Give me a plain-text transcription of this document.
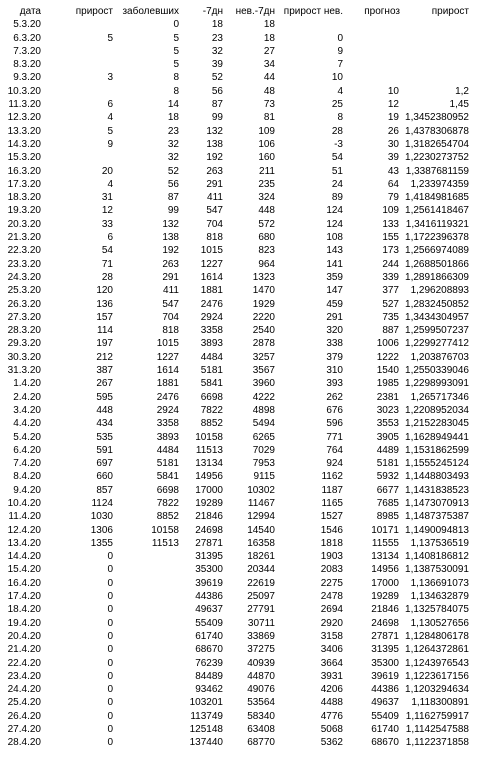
дата	прирост	заболевших	-7дн	нев.-7дн	прирост нев.	прогноз	прирост
5.3.20		0	18	18			
6.3.20	5	5	23	18	0		
7.3.20		5	32	27	9		
8.3.20		5	39	34	7		
9.3.20	3	8	52	44	10		
10.3.20		8	56	48	4	10	1,2
11.3.20	6	14	87	73	25	12	1,45
12.3.20	4	18	99	81	8	19	1,3452380952
13.3.20	5	23	132	109	28	26	1,4378306878
14.3.20	9	32	138	106	-3	30	1,3182654704
15.3.20		32	192	160	54	39	1,2230273752
16.3.20	20	52	263	211	51	43	1,3387681159
17.3.20	4	56	291	235	24	64	1,233974359
18.3.20	31	87	411	324	89	79	1,4184981685
19.3.20	12	99	547	448	124	109	1,2561418467
20.3.20	33	132	704	572	124	133	1,3416119321
21.3.20	6	138	818	680	108	155	1,1722396378
22.3.20	54	192	1015	823	143	173	1,2566974089
23.3.20	71	263	1227	964	141	244	1,2688501866
24.3.20	28	291	1614	1323	359	339	1,2891866309
25.3.20	120	411	1881	1470	147	377	1,296208893
26.3.20	136	547	2476	1929	459	527	1,2832450852
27.3.20	157	704	2924	2220	291	735	1,3434304957
28.3.20	114	818	3358	2540	320	887	1,2599507237
29.3.20	197	1015	3893	2878	338	1006	1,2299277412
30.3.20	212	1227	4484	3257	379	1222	1,203876703
31.3.20	387	1614	5181	3567	310	1540	1,2550339046
1.4.20	267	1881	5841	3960	393	1985	1,2298993091
2.4.20	595	2476	6698	4222	262	2381	1,265717346
3.4.20	448	2924	7822	4898	676	3023	1,2208952034
4.4.20	434	3358	8852	5494	596	3553	1,2152283045
5.4.20	535	3893	10158	6265	771	3905	1,1628949441
6.4.20	591	4484	11513	7029	764	4489	1,1531862599
7.4.20	697	5181	13134	7953	924	5181	1,1555245124
8.4.20	660	5841	14956	9115	1162	5932	1,1448803493
9.4.20	857	6698	17000	10302	1187	6677	1,1431838523
10.4.20	1124	7822	19289	11467	1165	7685	1,1473070913
11.4.20	1030	8852	21846	12994	1527	8985	1,1487375387
12.4.20	1306	10158	24698	14540	1546	10171	1,1490094813
13.4.20	1355	11513	27871	16358	1818	11555	1,137536519
14.4.20	0		31395	18261	1903	13134	1,1408186812
15.4.20	0		35300	20344	2083	14956	1,1387530091
16.4.20	0		39619	22619	2275	17000	1,136691073
17.4.20	0		44386	25097	2478	19289	1,134632879
18.4.20	0		49637	27791	2694	21846	1,1325784075
19.4.20	0		55409	30711	2920	24698	1,130527656
20.4.20	0		61740	33869	3158	27871	1,1284806178
21.4.20	0		68670	37275	3406	31395	1,1264372861
22.4.20	0		76239	40939	3664	35300	1,1243976543
23.4.20	0		84489	44870	3931	39619	1,1223617156
24.4.20	0		93462	49076	4206	44386	1,1203294634
25.4.20	0		103201	53564	4488	49637	1,118300891
26.4.20	0		113749	58340	4776	55409	1,1162759917
27.4.20	0		125148	63408	5068	61740	1,1142547588
28.4.20	0		137440	68770	5362	68670	1,1122371858
